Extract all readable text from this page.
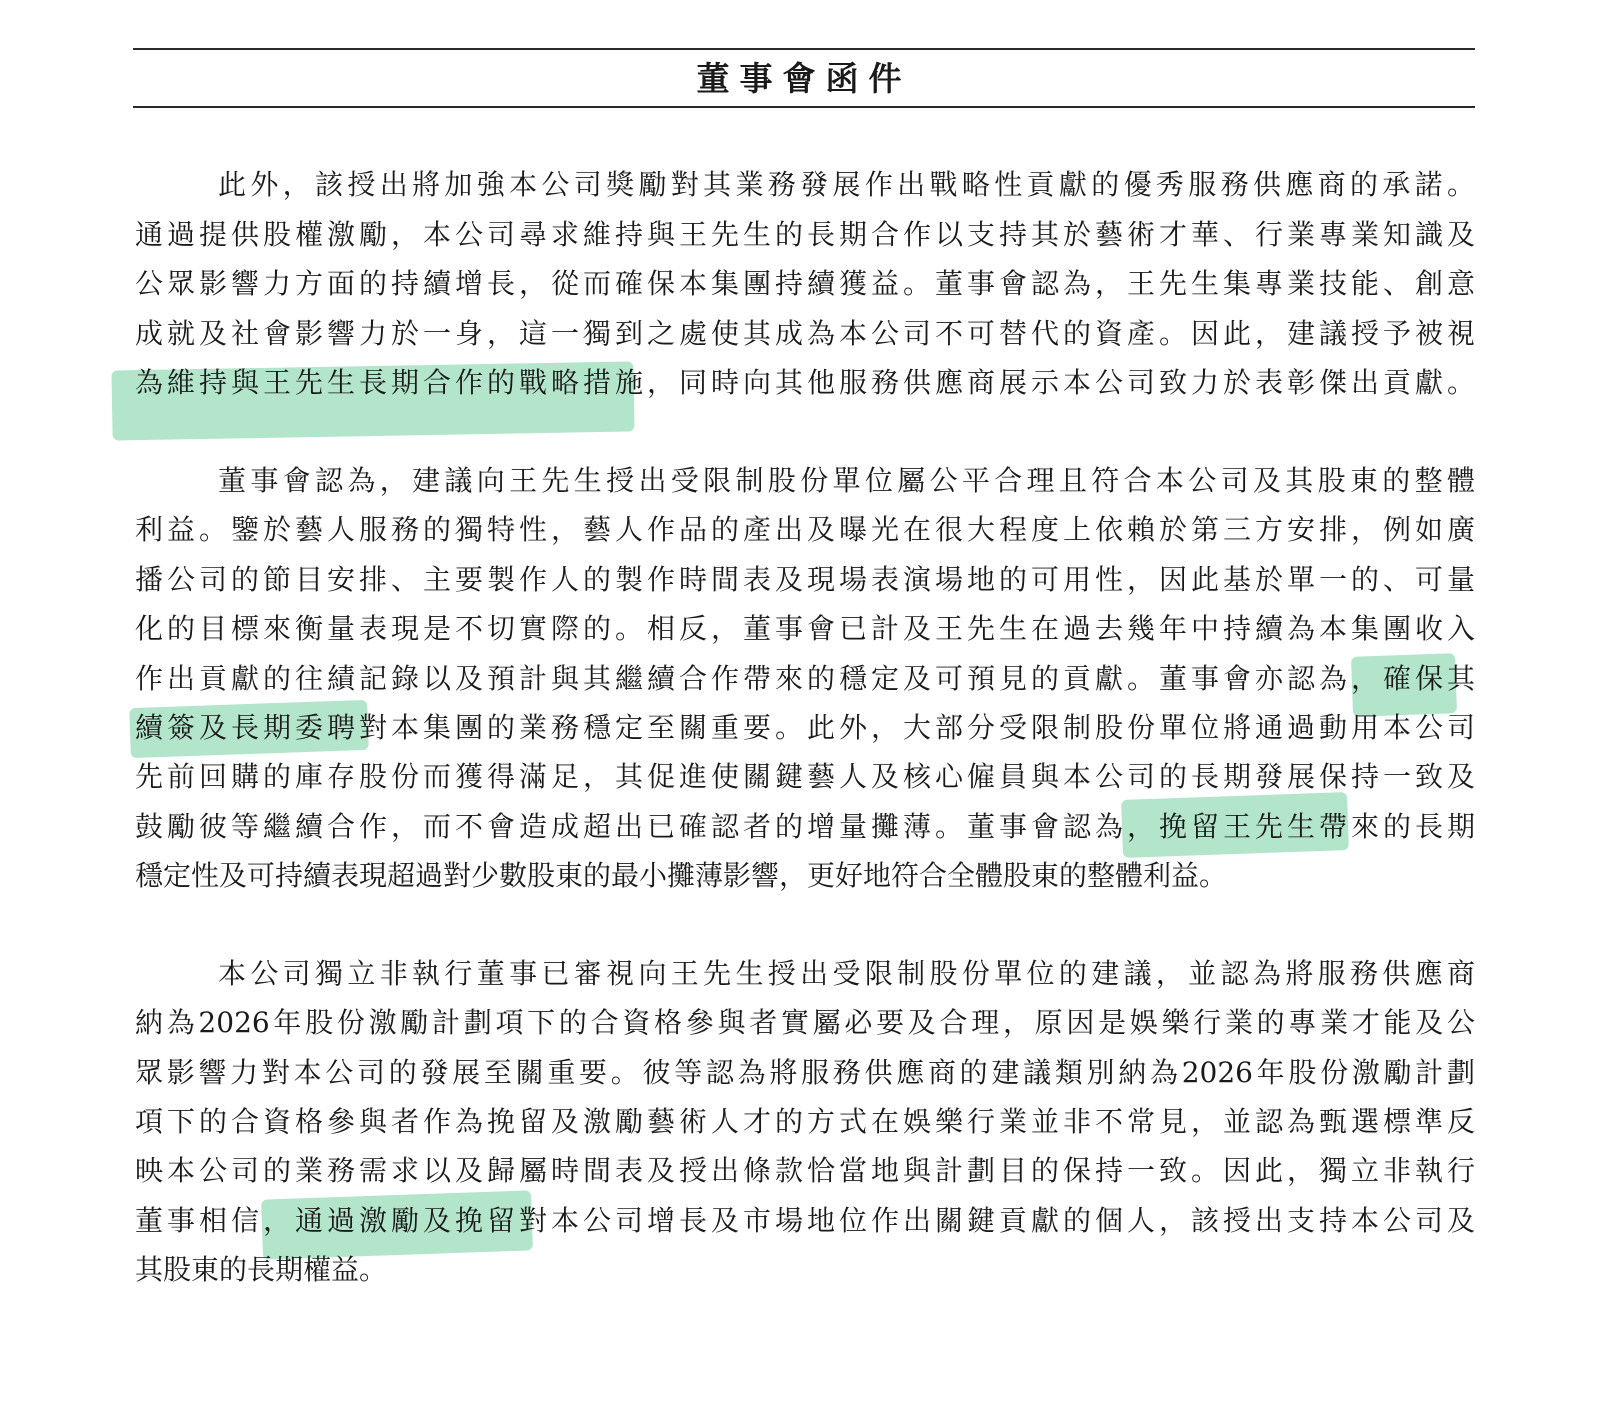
董事會函件
此外，該授出將加強本公司獎勵對其業務發展作出戰略性貢獻的優秀服務供應商的承諾。
通過提供股權激勵，本公司尋求維持與王先生的長期合作以支持其於藝術才華、行業專業知識及
公眾影響力方面的持續增長，從而確保本集團持續獲益。董事會認為，王先生集專業技能、創意
成就及社會影響力於一身，這一獨到之處使其成為本公司不可替代的資產。因此，建議授予被視
為維持與王先生長期合作的戰略措施，同時向其他服務供應商展示本公司致力於表彰傑出貢獻。
董事會認為，建議向王先生授出受限制股份單位屬公平合理且符合本公司及其股東的整體
利益。鑒於藝人服務的獨特性，藝人作品的產出及曝光在很大程度上依賴於第三方安排，例如廣
播公司的節目安排、主要製作人的製作時間表及現場表演場地的可用性，因此基於單一的、可量
化的目標來衡量表現是不切實際的。相反，董事會已計及王先生在過去幾年中持續為本集團收入
作出貢獻的往績記錄以及預計與其繼續合作帶來的穩定及可預見的貢獻。董事會亦認為，確保其
續簽及長期委聘對本集團的業務穩定至關重要。此外，大部分受限制股份單位將通過動用本公司
先前回購的庫存股份而獲得滿足，其促進使關鍵藝人及核心僱員與本公司的長期發展保持一致及
鼓勵彼等繼續合作，而不會造成超出已確認者的增量攤薄。董事會認為，挽留王先生帶來的長期
穩定性及可持續表現超過對少數股東的最小攤薄影響，更好地符合全體股東的整體利益。
本公司獨立非執行董事已審視向王先生授出受限制股份單位的建議，並認為將服務供應商
納為2026年股份激勵計劃項下的合資格參與者實屬必要及合理，原因是娛樂行業的專業才能及公
眾影響力對本公司的發展至關重要。彼等認為將服務供應商的建議類別納為2026年股份激勵計劃
項下的合資格參與者作為挽留及激勵藝術人才的方式在娛樂行業並非不常見，並認為甄選標準反
映本公司的業務需求以及歸屬時間表及授出條款恰當地與計劃目的保持一致。因此，獨立非執行
董事相信，通過激勵及挽留對本公司增長及市場地位作出關鍵貢獻的個人，該授出支持本公司及
其股東的長期權益。
